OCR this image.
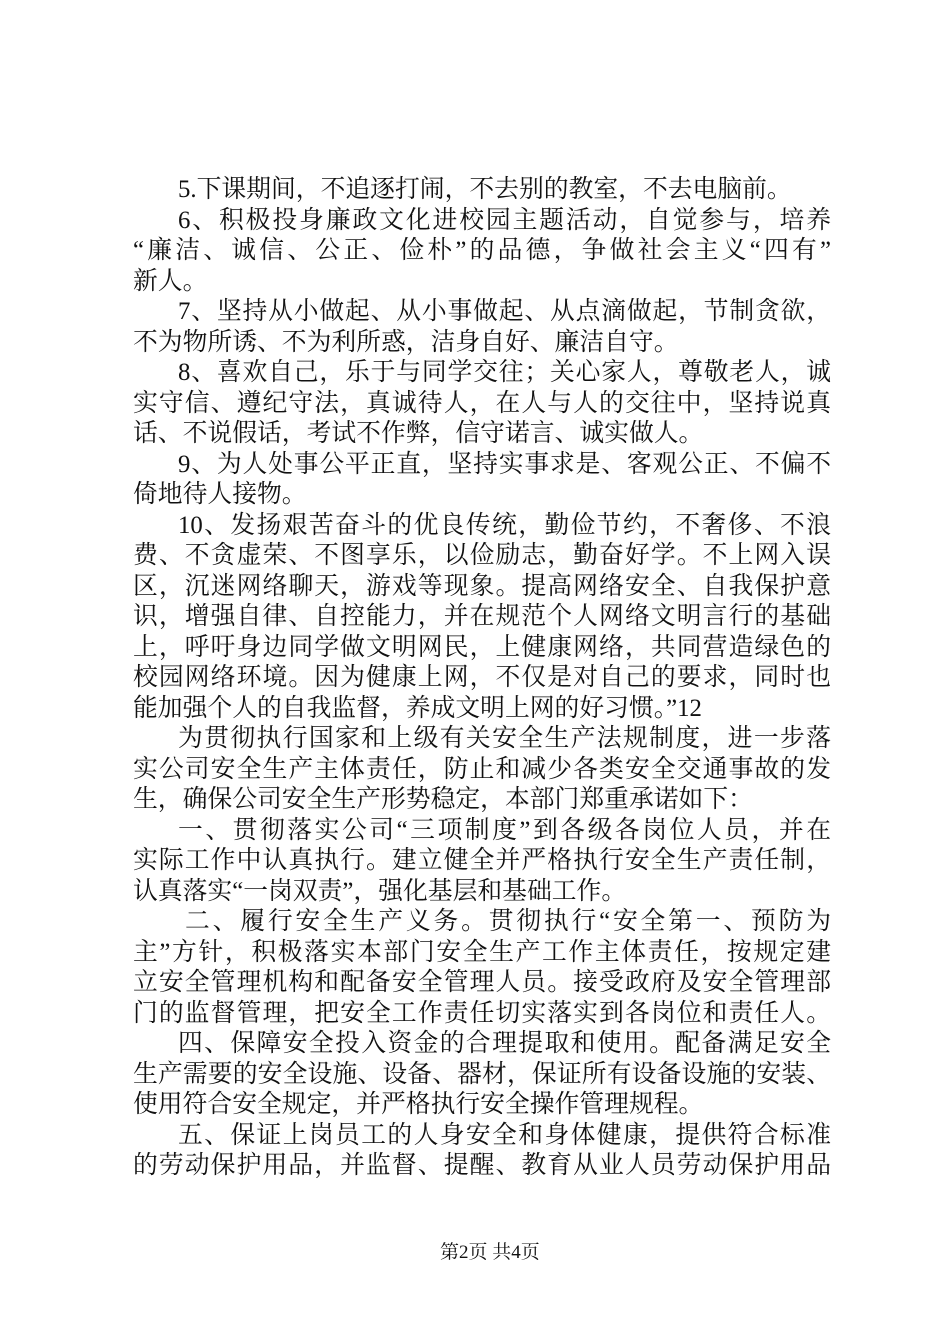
5.下课期间，不追逐打闹，不去别的教室，不去电脑前。
6、积极投身廉政文化进校园主题活动，自觉参与，培养
“廉洁、诚信、公正、俭朴”的品德，争做社会主义“四有”
新人。
7、坚持从小做起、从小事做起、从点滴做起，节制贪欲，
不为物所诱、不为利所惑，洁身自好、廉洁自守。
8、喜欢自己，乐于与同学交往；关心家人，尊敬老人，诚
实守信、遵纪守法，真诚待人，在人与人的交往中，坚持说真
话、不说假话，考试不作弊，信守诺言、诚实做人。
9、为人处事公平正直，坚持实事求是、客观公正、不偏不
倚地待人接物。
10、发扬艰苦奋斗的优良传统，勤俭节约，不奢侈、不浪
费、不贪虚荣、不图享乐，以俭励志，勤奋好学。不上网入误
区，沉迷网络聊天，游戏等现象。提高网络安全、自我保护意
识，增强自律、自控能力，并在规范个人网络文明言行的基础
上，呼吁身边同学做文明网民，上健康网络，共同营造绿色的
校园网络环境。因为健康上网，不仅是对自己的要求，同时也
能加强个人的自我监督，养成文明上网的好习惯。”12
为贯彻执行国家和上级有关安全生产法规制度，进一步落
实公司安全生产主体责任，防止和减少各类安全交通事故的发
生，确保公司安全生产形势稳定，本部门郑重承诺如下：
一、贯彻落实公司“三项制度”到各级各岗位人员，并在
实际工作中认真执行。建立健全并严格执行安全生产责任制，
认真落实“一岗双责”，强化基层和基础工作。
二、履行安全生产义务。贯彻执行“安全第一、预防为
主”方针，积极落实本部门安全生产工作主体责任，按规定建
立安全管理机构和配备安全管理人员。接受政府及安全管理部
门的监督管理，把安全工作责任切实落实到各岗位和责任人。
四、保障安全投入资金的合理提取和使用。配备满足安全
生产需要的安全设施、设备、器材，保证所有设备设施的安装、
使用符合安全规定，并严格执行安全操作管理规程。
五、保证上岗员工的人身安全和身体健康，提供符合标准
的劳动保护用品，并监督、提醒、教育从业人员劳动保护用品
第2页 共4页
